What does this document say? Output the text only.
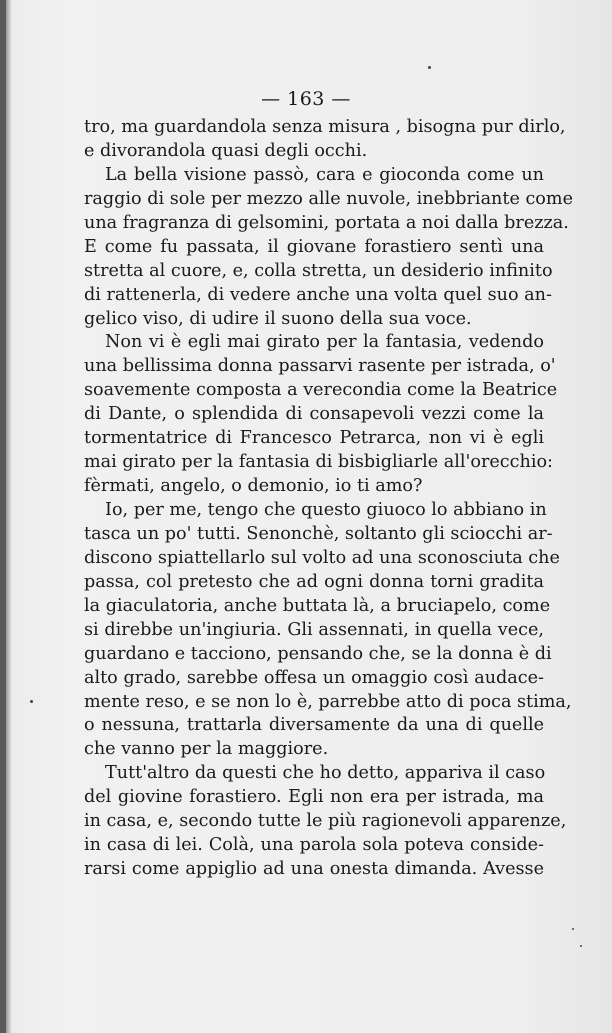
— 163 —
tro, ma guardandola senza misura , bisogna pur dirlo,
e divorandola quasi degli occhi.
La bella visione passò, cara e gioconda come un
raggio di sole per mezzo alle nuvole, inebbriante come
una fragranza di gelsomini, portata a noi dalla brezza.
E come fu passata, il giovane forastiero sentì una
stretta al cuore, e, colla stretta, un desiderio infinito
di rattenerla, di vedere anche una volta quel suo an-
gelico viso, di udire il suono della sua voce.
Non vi è egli mai girato per la fantasia, vedendo
una bellissima donna passarvi rasente per istrada, o'
soavemente composta a verecondia come la Beatrice
di Dante, o splendida di consapevoli vezzi come la
tormentatrice di Francesco Petrarca, non vi è egli
mai girato per la fantasia di bisbigliarle all'orecchio:
fèrmati, angelo, o demonio, io ti amo?
Io, per me, tengo che questo giuoco lo abbiano in
tasca un po' tutti. Senonchè, soltanto gli sciocchi ar-
discono spiattellarlo sul volto ad una sconosciuta che
passa, col pretesto che ad ogni donna torni gradita
la giaculatoria, anche buttata là, a bruciapelo, come
si direbbe un'ingiuria. Gli assennati, in quella vece,
guardano e tacciono, pensando che, se la donna è di
alto grado, sarebbe offesa un omaggio così audace-
mente reso, e se non lo è, parrebbe atto di poca stima,
o nessuna, trattarla diversamente da una di quelle
che vanno per la maggiore.
Tutt'altro da questi che ho detto, appariva il caso
del giovine forastiero. Egli non era per istrada, ma
in casa, e, secondo tutte le più ragionevoli apparenze,
in casa di lei. Colà, una parola sola poteva conside-
rarsi come appiglio ad una onesta dimanda. Avesse
